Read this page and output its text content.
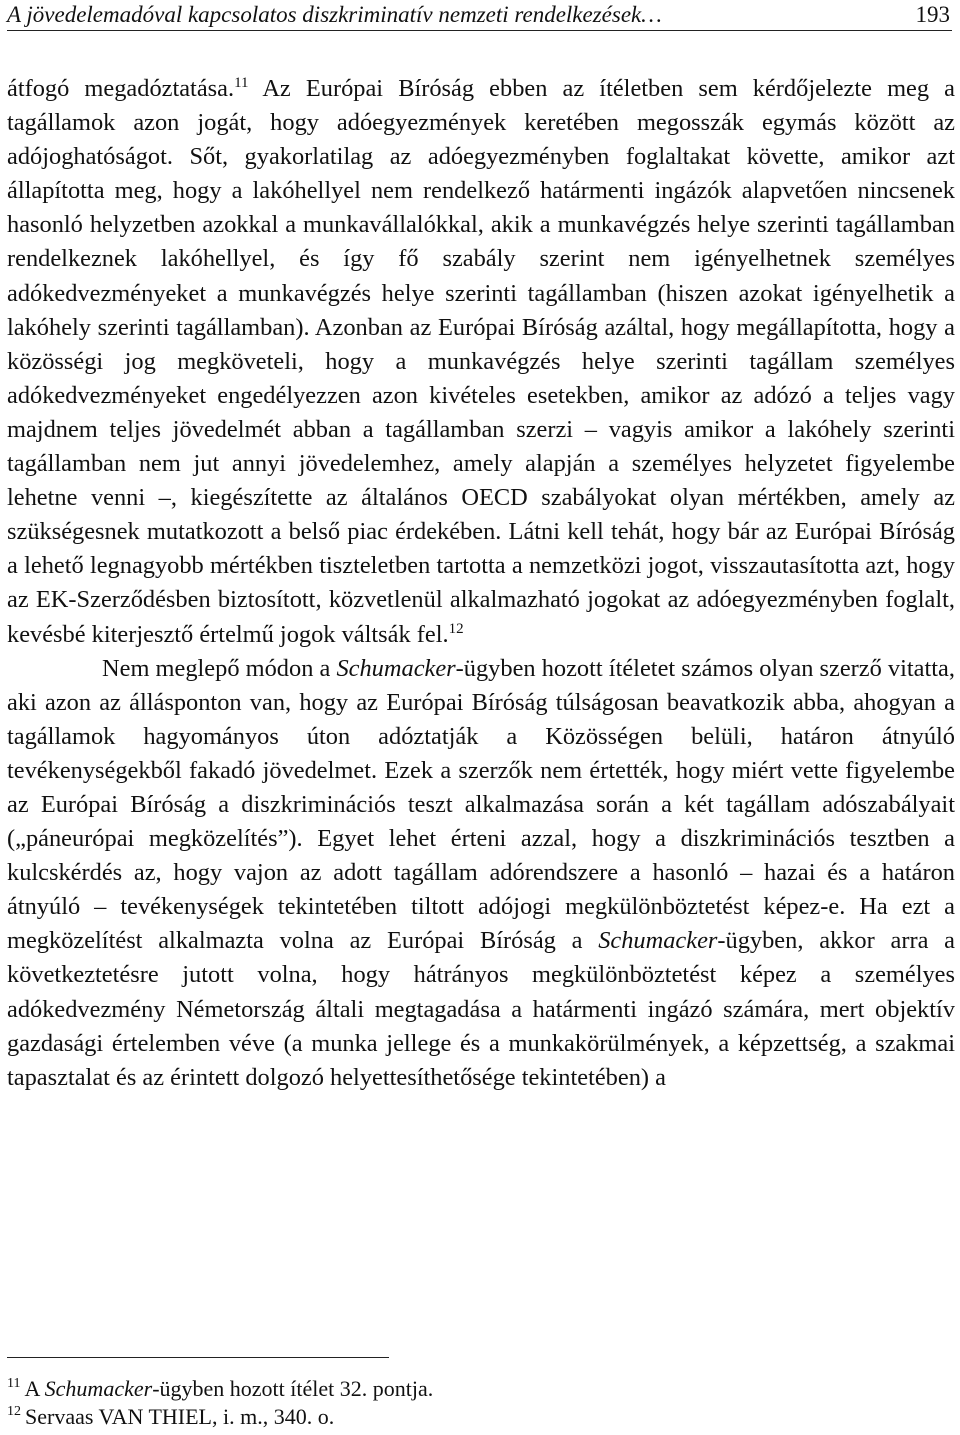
A jövedelemadóval kapcsolatos diszkriminatív nemzeti rendelkezések…	193

átfogó megadóztatása.$^{11}$ Az Európai Bíróság ebben az ítéletben sem kérdőjelezte meg a tagállamok azon jogát, hogy adóegyezmények keretében megosszák egymás között az adójoghatóságot. Sőt, gyakorlatilag az adóegyezményben foglaltakat követte, amikor azt állapította meg, hogy a lakóhellyel nem rendelkező határmenti ingázók alapvetően nincsenek hasonló helyzetben azokkal a munkavállalókkal, akik a munkavégzés helye szerinti tagállamban rendelkeznek lakóhellyel, és így fő szabály szerint nem igényelhetnek személyes adókedvezményeket a munkavégzés helye szerinti tagállamban (hiszen azokat igényelhetik a lakóhely szerinti tagállamban). Azonban az Európai Bíróság azáltal, hogy megállapította, hogy a közösségi jog megköveteli, hogy a munkavégzés helye szerinti tagállam személyes adókedvezményeket engedélyezzen azon kivételes esetekben, amikor az adózó a teljes vagy majdnem teljes jövedelmét abban a tagállamban szerzi – vagyis amikor a lakóhely szerinti tagállamban nem jut annyi jövedelemhez, amely alapján a személyes helyzetet figyelembe lehetne venni –, kiegészítette az általános OECD szabályokat olyan mértékben, amely az szükségesnek mutatkozott a belső piac érdekében. Látni kell tehát, hogy bár az Európai Bíróság a lehető legnagyobb mértékben tiszteletben tartotta a nemzetközi jogot, visszautasította azt, hogy az EK-Szerződésben biztosított, közvetlenül alkalmazható jogokat az adóegyezményben foglalt, kevésbé kiterjesztő értelmű jogok váltsák fel.$^{12}$

Nem meglepő módon a Schumacker-ügyben hozott ítéletet számos olyan szerző vitatta, aki azon az állásponton van, hogy az Európai Bíróság túlságosan beavatkozik abba, ahogyan a tagállamok hagyományos úton adóztatják a Közösségen belüli, határon átnyúló tevékenységekből fakadó jövedelmet. Ezek a szerzők nem értették, hogy miért vette figyelembe az Európai Bíróság a diszkriminációs teszt alkalmazása során a két tagállam adószabályait („páneurópai megközelítés”). Egyet lehet érteni azzal, hogy a diszkriminációs tesztben a kulcskérdés az, hogy vajon az adott tagállam adórendszere a hasonló – hazai és a határon átnyúló – tevékenységek tekintetében tiltott adójogi megkülönböztetést képez-e. Ha ezt a megközelítést alkalmazta volna az Európai Bíróság a Schumacker-ügyben, akkor arra a következtetésre jutott volna, hogy hátrányos megkülönböztetést képez a személyes adókedvezmény Németország általi megtagadása a határmenti ingázó számára, mert objektív gazdasági értelemben véve (a munka jellege és a munkakörülmények, a képzettség, a szakmai tapasztalat és az érintett dolgozó helyettesíthetősége tekintetében) a

$^{11}$ A Schumacker-ügyben hozott ítélet 32. pontja.
$^{12}$ Servaas VAN THIEL, i. m., 340. o.
